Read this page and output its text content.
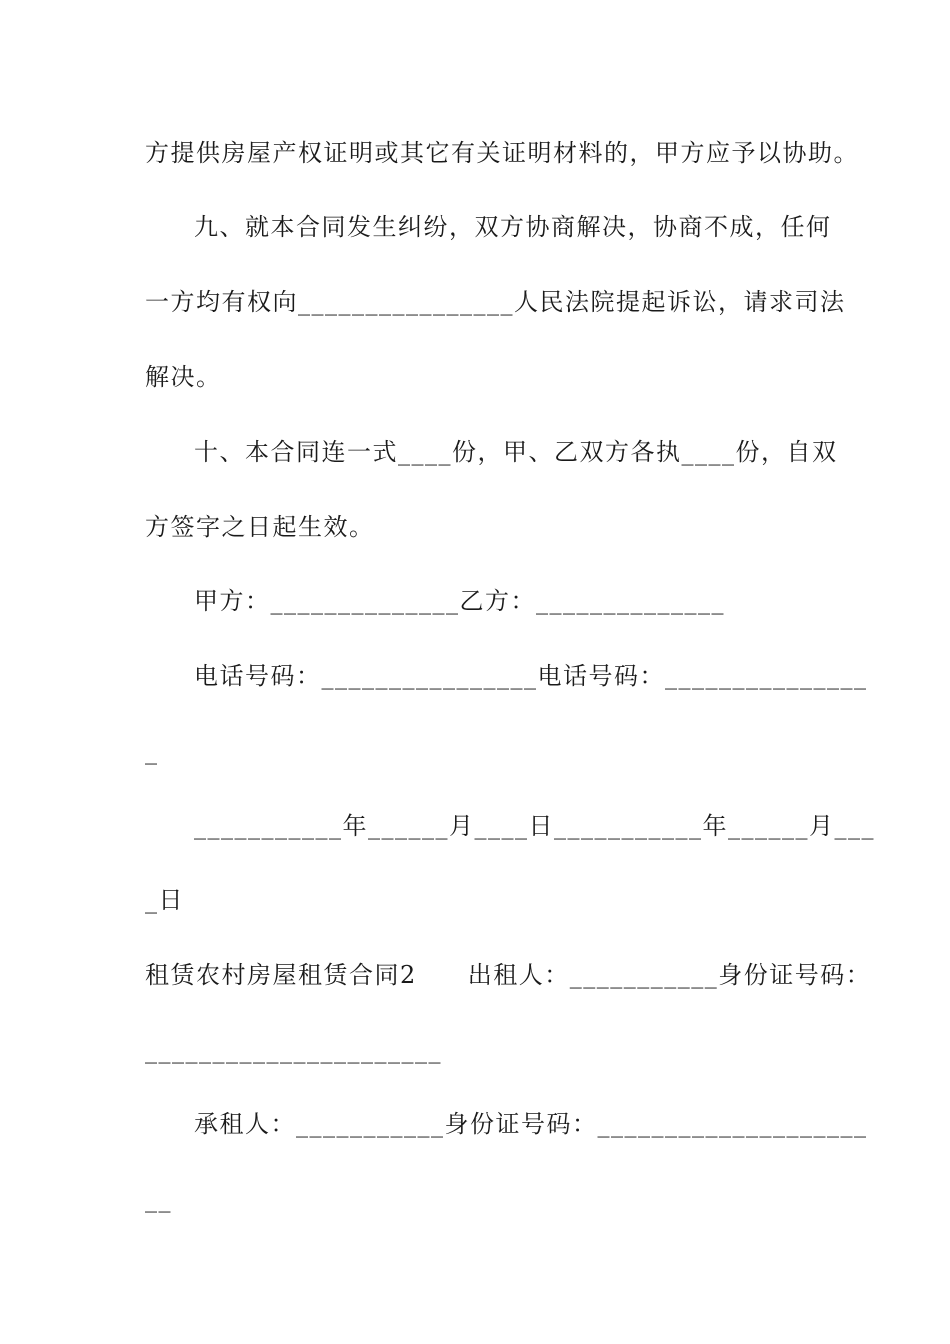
方提供房屋产权证明或其它有关证明材料的，甲方应予以协助。
九、就本合同发生纠纷，双方协商解决，协商不成，任何
一方均有权向________________人民法院提起诉讼，请求司法
解决。
十、本合同连一式____份，甲、乙双方各执____份，自双
方签字之日起生效。
甲方：______________乙方：______________
电话号码：________________电话号码：_______________
_
___________年______月____日___________年______月___
_日
租赁农村房屋租赁合同2　　出租人：___________身份证号码：
______________________
承租人：___________身份证号码：____________________
__
